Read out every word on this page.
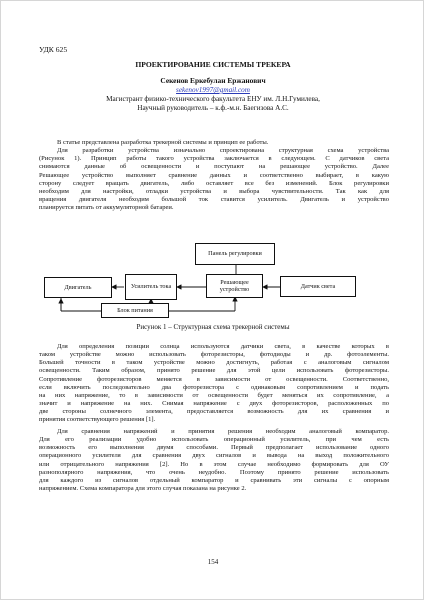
УДК 625
ПРОЕКТИРОВАНИЕ СИСТЕМЫ ТРЕКЕРА
Секенов Еркебулан Ержанович
sekenov1997@gmail.com
Магистрант физико-технического факультета ЕНУ им. Л.Н.Гумилева,
Научный руководитель – к.ф.-м.н. Баегизова А.С.
В статье представлена разработка трекерной системы и принцип ее работы.
Для разработки устройства изначально спроектирована структурная схема устройства
(Рисунок 1). Принцип работы такого устройства заключается в следующем. С датчиков света
снимаются данные об освещенности и поступают на решающее устройство. Далее
Решающее устройство выполняет сравнение данных и соответственно выбирает, в какую
сторону следует вращать двигатель, либо оставляет все без изменений. Блок регулировки
необходим для настройки, отладки устройства и выбора чувствительности. Так как для
вращения двигателя необходим большой ток ставится усилитель. Двигатель и устройство
планируется питать от аккумуляторной батареи.
Панель регулировки
Двигатель	Усилитель тока
Решающее устройство	Датчик света
Блок питания
Рисунок 1 – Структурная схема трекерной системы
Для определения позиции солнца используются датчики света, в качестве которых в
таком устройстве можно использовать фоторезисторы, фотодиоды и др. фотоэлементы.
Большей точности в таком устройстве можно достигнуть, работая с аналоговым сигналом
освещенности. Таким образом, принято решение для этой цели использовать фоторезисторы.
Сопротивление фоторезисторов меняется в зависимости от освещенности. Соответственно,
если включить последовательно два фоторезистора с одинаковым сопротивлением и подать
на них напряжение, то в зависимости от освещенности будет меняться их сопротивление, а
значит и напряжение на них. Снимая напряжение с двух фоторезисторов, расположенных по
две стороны солнечного элемента, предоставляется возможность для их сравнения и
принятия соответствующего решения [1].
Для сравнения напряжений и принятия решения необходим аналоговый компаратор.
Для его реализации удобно использовать операционный усилитель, при чем есть
возможность его выполнения двумя способами. Первый предполагает использование одного
операционного усилителя для сравнения двух сигналов и вывода на выход положительного
или отрицательного напряжения [2]. Но в этом случае необходимо формировать для ОУ
разнополярного напряжения, что очень неудобно. Поэтому принято решение использовать
для каждого из сигналов отдельный компаратор и сравнивать эти сигналы с опорным
напряжением. Схема компаратора для этого случая показана на рисунке 2.
154
